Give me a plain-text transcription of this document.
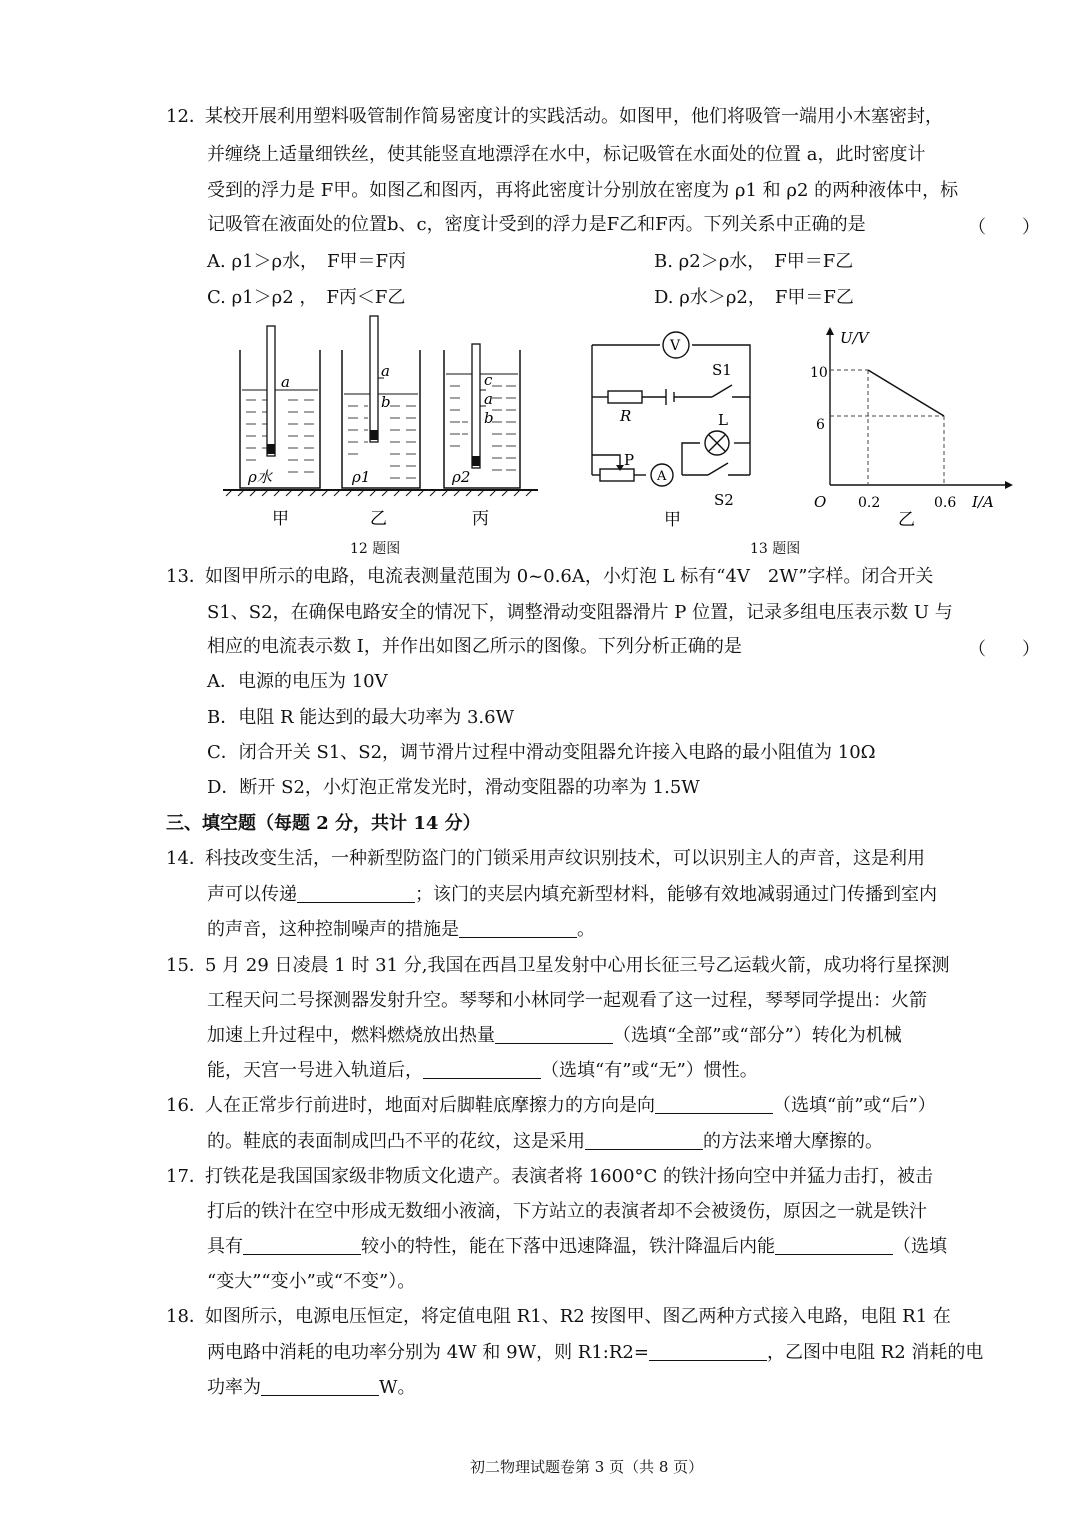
12．
某校开展利用塑料吸管制作简易密度计的实践活动。如图甲，他们将吸管一端用小木塞密封，
并缠绕上适量细铁丝，使其能竖直地漂浮在水中，标记吸管在水面处的位置 a，此时密度计
受到的浮力是 F甲。如图乙和图丙，再将此密度计分别放在密度为 ρ1 和 ρ2 的两种液体中，标
记吸管在液面处的位置b、c，密度计受到的浮力是F乙和F丙。下列关系中正确的是	（　　）
A. ρ1＞ρ水，　F甲＝F丙	B. ρ2＞ρ水，　F甲＝F乙
C. ρ1＞ρ2 ，　F丙＜F乙	D. ρ水＞ρ2，　F甲＝F乙
a
ρ水
a
b
ρ1
c
a
b
ρ2
甲	乙	丙
12 题图
V
S1
R	L
P
A
S2
甲
U/V
I/A
O
10
6
0.2	0.6
乙
13 题图
13．
如图甲所示的电路，电流表测量范围为 0~0.6A，小灯泡 L 标有“4V　2W”字样。闭合开关
S1、S2，在确保电路安全的情况下，调整滑动变阻器滑片 P 位置，记录多组电压表示数 U 与
相应的电流表示数 I，并作出如图乙所示的图像。下列分析正确的是	（　　）
A．电源的电压为 10V
B．电阻 R 能达到的最大功率为 3.6W
C．闭合开关 S1、S2，调节滑片过程中滑动变阻器允许接入电路的最小阻值为 10Ω
D．断开 S2，小灯泡正常发光时，滑动变阻器的功率为 1.5W
三、填空题（每题 2 分，共计 14 分）
14．
科技改变生活，一种新型防盗门的门锁采用声纹识别技术，可以识别主人的声音，这是利用
声可以传递	；该门的夹层内填充新型材料，能够有效地减弱通过门传播到室内
的声音，这种控制噪声的措施是	。
15．
5 月 29 日凌晨 1 时 31 分,我国在西昌卫星发射中心用长征三号乙运载火箭，成功将行星探测
工程天问二号探测器发射升空。琴琴和小林同学一起观看了这一过程，琴琴同学提出：火箭
加速上升过程中，燃料燃烧放出热量	（选填“全部”或“部分”）转化为机械
能，天宫一号进入轨道后，	（选填“有”或“无”）惯性。
16．
人在正常步行前进时，地面对后脚鞋底摩擦力的方向是向	（选填“前”或“后”）
的。鞋底的表面制成凹凸不平的花纹，这是采用	的方法来增大摩擦的。
17．
打铁花是我国国家级非物质文化遗产。表演者将 1600°C 的铁汁扬向空中并猛力击打，被击
打后的铁汁在空中形成无数细小液滴，下方站立的表演者却不会被烫伤，原因之一就是铁汁
具有	较小的特性，能在下落中迅速降温，铁汁降温后内能	（选填
“变大”“变小”或“不变”）。
18．
如图所示，电源电压恒定，将定值电阻 R1、R2 按图甲、图乙两种方式接入电路，电阻 R1 在
两电路中消耗的电功率分别为 4W 和 9W，则 R1:R2=	，乙图中电阻 R2 消耗的电
功率为	W。
初二物理试题卷第 3 页（共 8 页）
